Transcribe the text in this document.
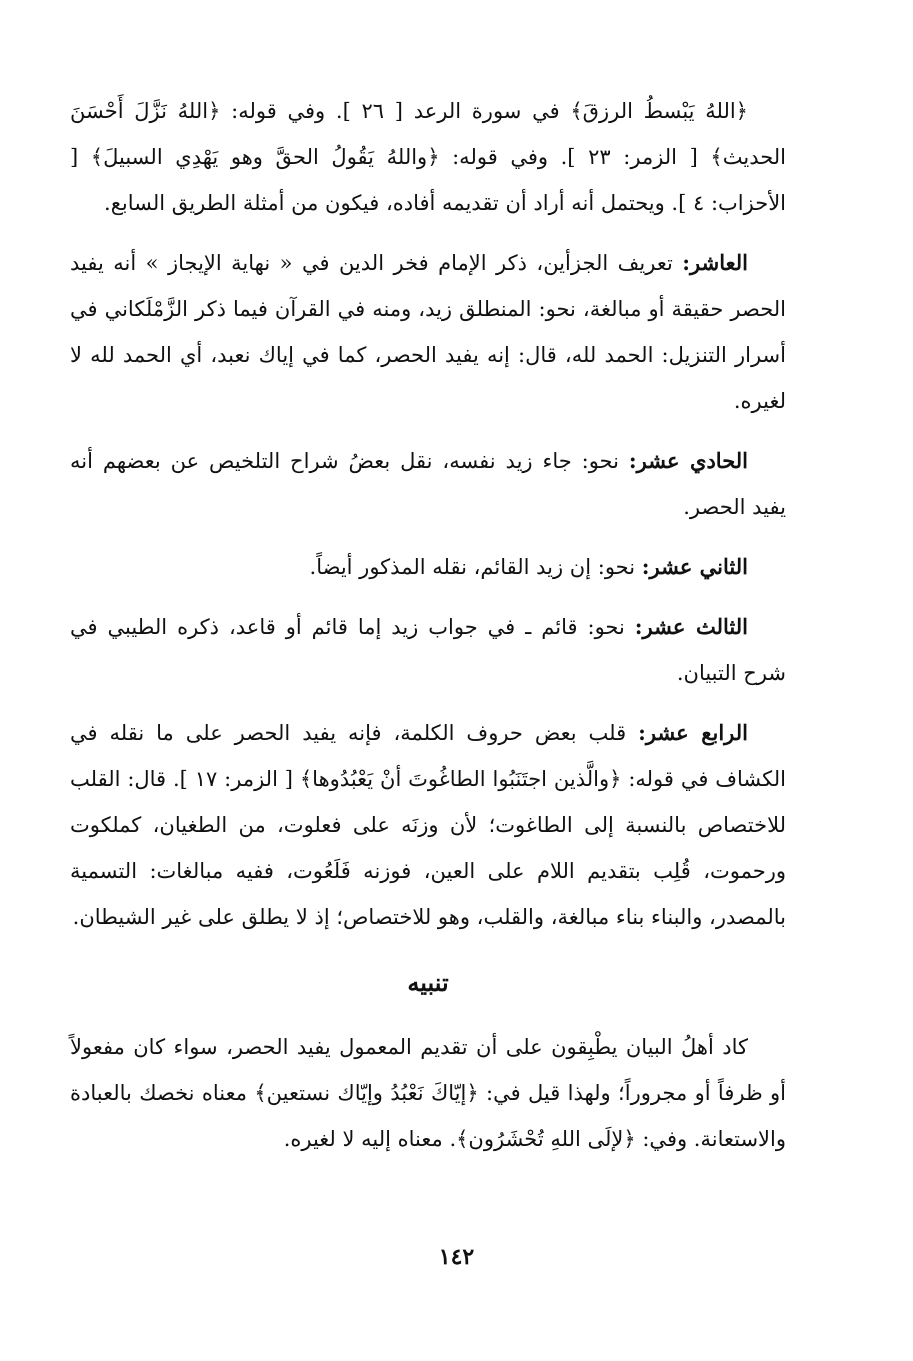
﴿اللهُ يَبْسطُ الرزقَ﴾ في سورة الرعد [ ٢٦ ]. وفي قوله: ﴿اللهُ نَزَّلَ أَحْسَنَ الحديث﴾ [ الزمر: ٢٣ ]. وفي قوله: ﴿واللهُ يَقُولُ الحقَّ وهو يَهْدِي السبيلَ﴾ [ الأحزاب: ٤ ]. ويحتمل أنه أراد أن تقديمه أفاده، فيكون من أمثلة الطريق السابع.

العاشر: تعريف الجزأين، ذكر الإمام فخر الدين في « نهاية الإيجاز » أنه يفيد الحصر حقيقة أو مبالغة، نحو: المنطلق زيد، ومنه في القرآن فيما ذكر الزَّمْلَكاني في أسرار التنزيل: الحمد لله، قال: إنه يفيد الحصر، كما في إياك نعبد، أي الحمد لله لا لغيره.

الحادي عشر: نحو: جاء زيد نفسه، نقل بعضُ شراح التلخيص عن بعضهم أنه يفيد الحصر.

الثاني عشر: نحو: إن زيد القائم، نقله المذكور أيضاً.

الثالث عشر: نحو: قائم ـ في جواب زيد إما قائم أو قاعد، ذكره الطيبي في شرح التبيان.

الرابع عشر: قلب بعض حروف الكلمة، فإنه يفيد الحصر على ما نقله في الكشاف في قوله: ﴿والَّذين اجتَنَبُوا الطاغُوتَ أنْ يَعْبُدُوها﴾ [ الزمر: ١٧ ]. قال: القلب للاختصاص بالنسبة إلى الطاغوت؛ لأن وزنَه على فعلوت، من الطغيان، كملكوت ورحموت، قُلِب بتقديم اللام على العين، فوزنه فَلَعُوت، ففيه مبالغات: التسمية بالمصدر، والبناء بناء مبالغة، والقلب، وهو للاختصاص؛ إذ لا يطلق على غير الشيطان.

تنبيه

كاد أهلُ البيان يطْبِقون على أن تقديم المعمول يفيد الحصر، سواء كان مفعولاً أو ظرفاً أو مجروراً؛ ولهذا قيل في: ﴿إيّاكَ نَعْبُدُ وإيّاك نستعين﴾ معناه نخصك بالعبادة والاستعانة. وفي: ﴿لإلَى اللهِ تُحْشَرُون﴾. معناه إليه لا لغيره.

١٤٢
